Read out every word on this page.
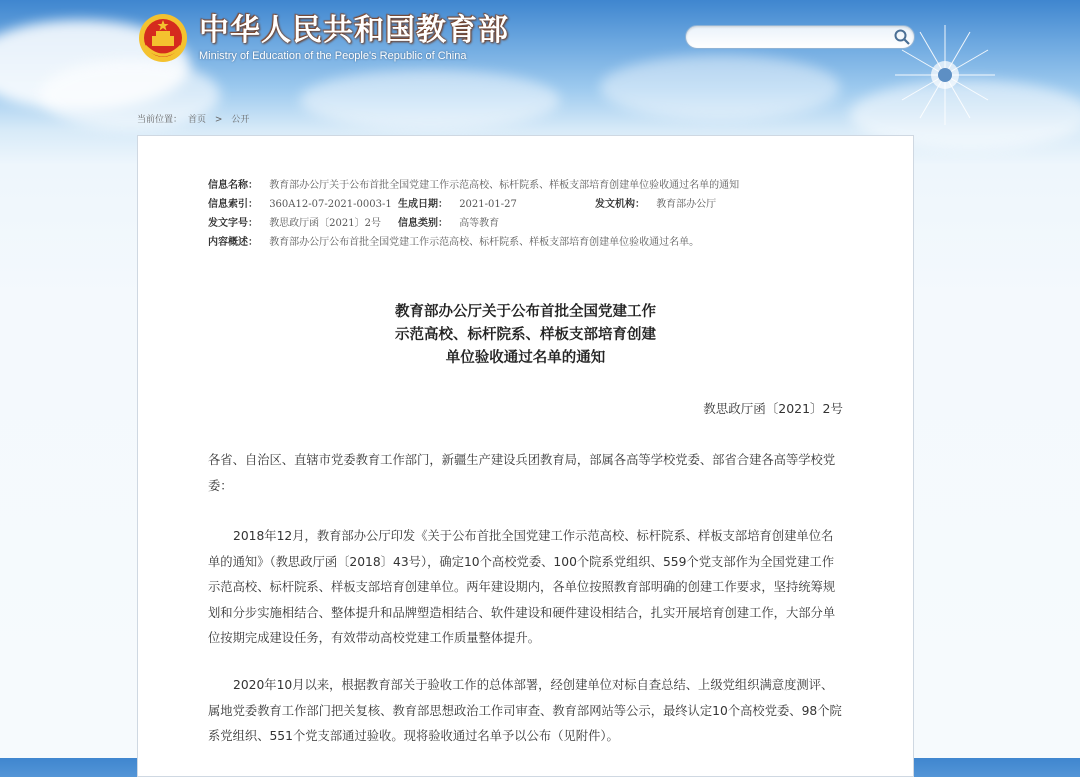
中华人民共和国教育部
Ministry of Education of the People's Republic of China
当前位置： 首页 > 公开
信息名称： 教育部办公厅关于公布首批全国党建工作示范高校、标杆院系、样板支部培育创建单位验收通过名单的通知
信息索引： 360A12-07-2021-0003-1 生成日期： 2021-01-27	发文机构： 教育部办公厅
发文字号： 教思政厅函〔2021〕2号 信息类别： 高等教育
内容概述： 教育部办公厅公布首批全国党建工作示范高校、标杆院系、样板支部培育创建单位验收通过名单。
教育部办公厅关于公布首批全国党建工作
示范高校、标杆院系、样板支部培育创建
单位验收通过名单的通知
教思政厅函〔2021〕2号
各省、自治区、直辖市党委教育工作部门，新疆生产建设兵团教育局，部属各高等学校党委、部省合建各高等学校党委：
2018年12月，教育部办公厅印发《关于公布首批全国党建工作示范高校、标杆院系、样板支部培育创建单位名单的通知》（教思政厅函〔2018〕43号），确定10个高校党委、100个院系党组织、559个党支部作为全国党建工作示范高校、标杆院系、样板支部培育创建单位。两年建设期内，各单位按照教育部明确的创建工作要求，坚持统筹规划和分步实施相结合、整体提升和品牌塑造相结合、软件建设和硬件建设相结合，扎实开展培育创建工作，大部分单位按期完成建设任务，有效带动高校党建工作质量整体提升。
2020年10月以来，根据教育部关于验收工作的总体部署，经创建单位对标自查总结、上级党组织满意度测评、属地党委教育工作部门把关复核、教育部思想政治工作司审查、教育部网站等公示，最终认定10个高校党委、98个院系党组织、551个党支部通过验收。现将验收通过名单予以公布（见附件）。
